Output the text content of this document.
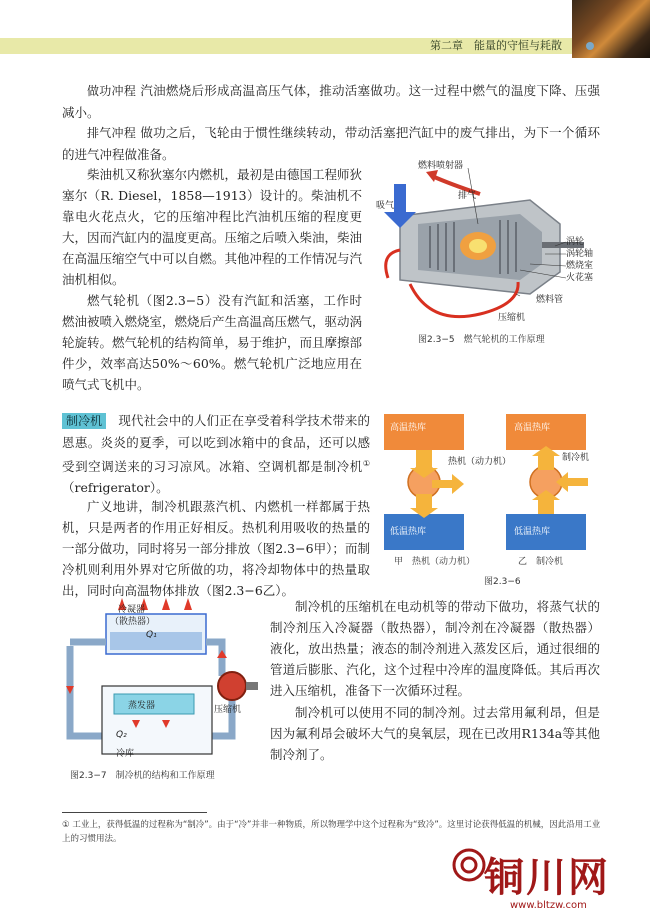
第二章　能量的守恒与耗散
做功冲程 汽油燃烧后形成高温高压气体，推动活塞做功。这一过程中燃气的温度下降、压强减小。
排气冲程 做功之后，飞轮由于惯性继续转动，带动活塞把汽缸中的废气排出，为下一个循环的进气冲程做准备。
柴油机又称狄塞尔内燃机，最初是由德国工程师狄塞尔（R. Diesel，1858—1913）设计的。柴油机不靠电火花点火，它的压缩冲程比汽油机压缩的程度更大，因而汽缸内的温度更高。压缩之后喷入柴油，柴油在高温压缩空气中可以自燃。其他冲程的工作情况与汽油机相似。
燃气轮机（图2.3−5）没有汽缸和活塞，工作时燃油被喷入燃烧室，燃烧后产生高温高压燃气，驱动涡轮旋转。燃气轮机的结构简单，易于维护，而且摩擦部件少，效率高达50%～60%。燃气轮机广泛地应用在喷气式飞机中。
燃料喷射器
吸气
排气
涡轮
涡轮轴
燃烧室
火花塞
燃料管
压缩机
图2.3−5　燃气轮机的工作原理
制冷机 现代社会中的人们正在享受着科学技术带来的恩惠。炎炎的夏季，可以吃到冰箱中的食品，还可以感受到空调送来的习习凉风。冰箱、空调机都是制冷机①（refrigerator）。
广义地讲，制冷机跟蒸汽机、内燃机一样都属于热机，只是两者的作用正好相反。热机利用吸收的热量的一部分做功，同时将另一部分排放（图2.3−6甲）；而制冷机则利用外界对它所做的功，将冷却物体中的热量取出，同时向高温物体排放（图2.3−6乙）。
高温热库
低温热库
热机（动力机）
高温热库
低温热库
制冷机
甲　热机（动力机）	乙　制冷机
图2.3−6
冷凝器
（散热器）
Q₁
蒸发器
Q₂
冷库
压缩机
图2.3−7　制冷机的结构和工作原理
制冷机的压缩机在电动机等的带动下做功，将蒸气状的制冷剂压入冷凝器（散热器），制冷剂在冷凝器（散热器）液化，放出热量；液态的制冷剂进入蒸发区后，通过很细的管道后膨胀、汽化，这个过程中冷库的温度降低。其后再次进入压缩机，准备下一次循环过程。
制冷机可以使用不同的制冷剂。过去常用氟利昂，但是因为氟利昂会破坏大气的臭氧层，现在已改用R134a等其他制冷剂了。
① 工业上，获得低温的过程称为“制冷”。由于“冷”并非一种物质，所以物理学中这个过程称为“致冷”。这里讨论获得低温的机械，因此沿用工业上的习惯用法。
铜川网
www.bltzw.com
